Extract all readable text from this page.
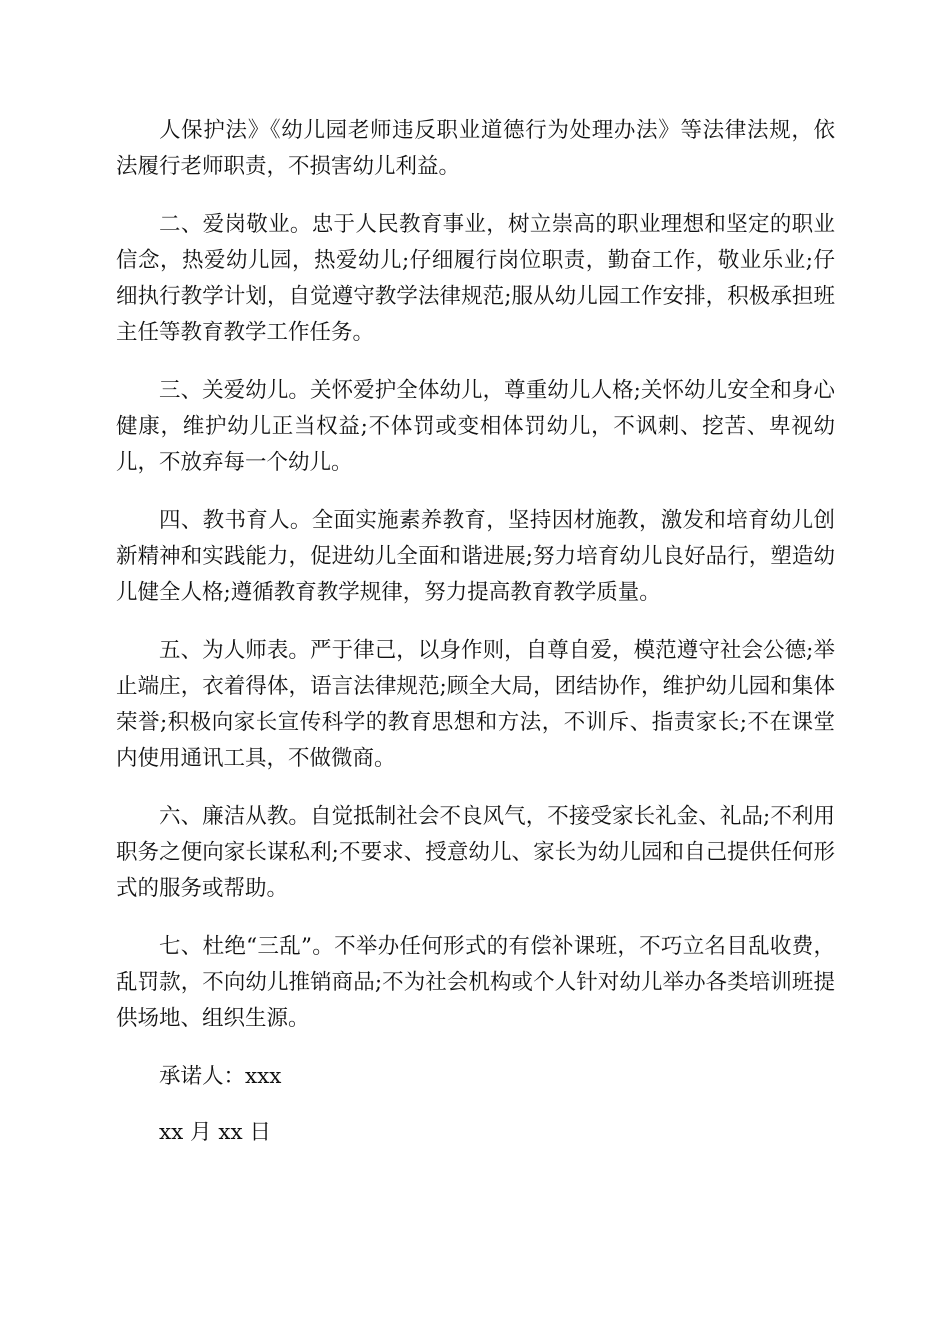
人保护法》《幼儿园老师违反职业道德行为处理办法》等法律法规，依法履行老师职责，不损害幼儿利益。

二、爱岗敬业。忠于人民教育事业，树立崇高的职业理想和坚定的职业信念，热爱幼儿园，热爱幼儿;仔细履行岗位职责，勤奋工作，敬业乐业;仔细执行教学计划，自觉遵守教学法律规范;服从幼儿园工作安排，积极承担班主任等教育教学工作任务。

三、关爱幼儿。关怀爱护全体幼儿，尊重幼儿人格;关怀幼儿安全和身心健康，维护幼儿正当权益;不体罚或变相体罚幼儿，不讽刺、挖苦、卑视幼儿，不放弃每一个幼儿。

四、教书育人。全面实施素养教育，坚持因材施教，激发和培育幼儿创新精神和实践能力，促进幼儿全面和谐进展;努力培育幼儿良好品行，塑造幼儿健全人格;遵循教育教学规律，努力提高教育教学质量。

五、为人师表。严于律己，以身作则，自尊自爱，模范遵守社会公德;举止端庄，衣着得体，语言法律规范;顾全大局，团结协作，维护幼儿园和集体荣誉;积极向家长宣传科学的教育思想和方法，不训斥、指责家长;不在课堂内使用通讯工具，不做微商。

六、廉洁从教。自觉抵制社会不良风气，不接受家长礼金、礼品;不利用职务之便向家长谋私利;不要求、授意幼儿、家长为幼儿园和自己提供任何形式的服务或帮助。

七、杜绝“三乱”。不举办任何形式的有偿补课班，不巧立名目乱收费，乱罚款，不向幼儿推销商品;不为社会机构或个人针对幼儿举办各类培训班提供场地、组织生源。

承诺人：xxx

xx 月 xx 日
